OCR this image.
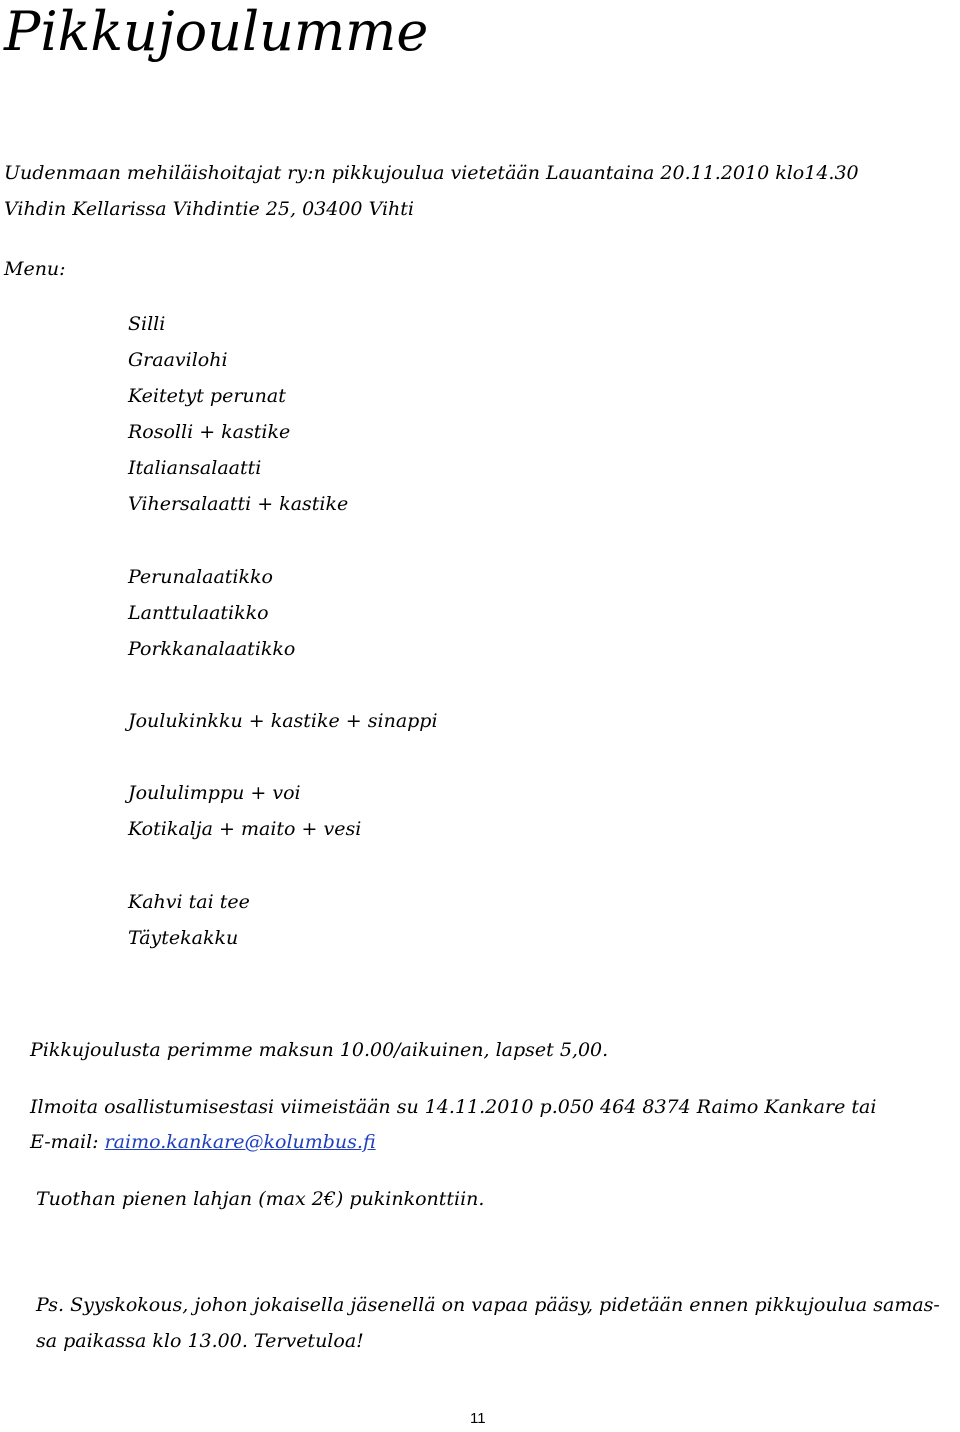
Pikkujoulumme

Uudenmaan mehiläishoitajat ry:n pikkujoulua vietetään Lauantaina 20.11.2010 klo14.30

Vihdin Kellarissa Vihdintie 25, 03400 Vihti

Menu:

Silli

Graavilohi

Keitetyt perunat

Rosolli + kastike

Italiansalaatti

Vihersalaatti + kastike

Perunalaatikko

Lanttulaatikko

Porkkanalaatikko

Joulukinkku + kastike + sinappi

Joululimppu + voi

Kotikalja + maito + vesi

Kahvi tai tee

Täytekakku

Pikkujoulusta perimme maksun 10.00/aikuinen, lapset 5,00.

Ilmoita osallistumisestasi viimeistään su 14.11.2010 p.050 464 8374 Raimo Kankare tai

E-mail: raimo.kankare@kolumbus.fi

Tuothan pienen lahjan (max 2€) pukinkonttiin.

Ps. Syyskokous, johon jokaisella jäsenellä on vapaa pääsy, pidetään ennen pikkujoulua samas-

sa paikassa klo 13.00. Tervetuloa!

11
